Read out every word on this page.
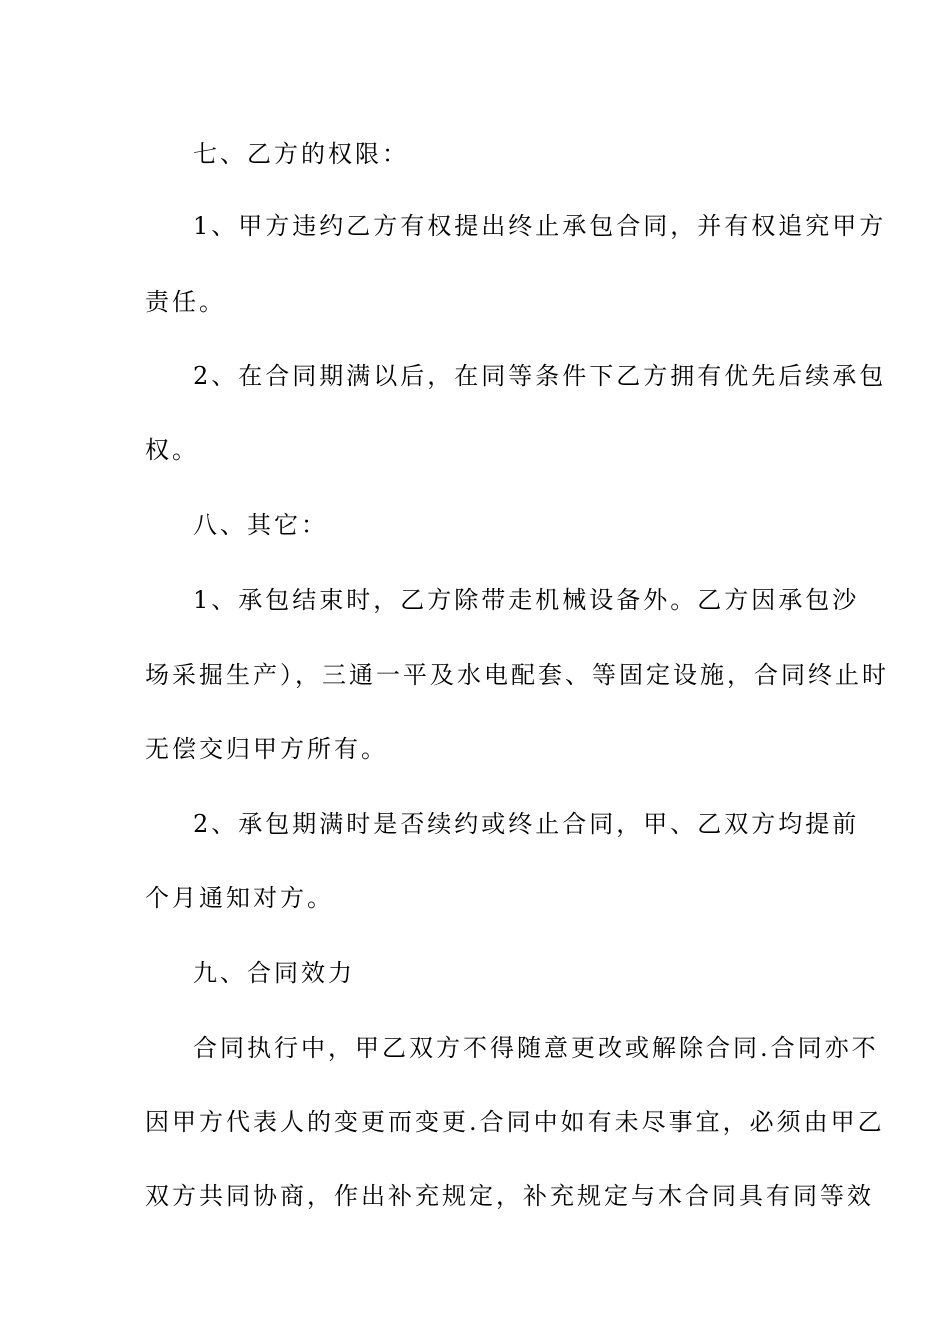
七、乙方的权限：
1、甲方违约乙方有权提出终止承包合同，并有权追究甲方
责任。
2、在合同期满以后，在同等条件下乙方拥有优先后续承包
权。
八、其它：
1、承包结束时，乙方除带走机械设备外。乙方因承包沙
场采掘生产），三通一平及水电配套、等固定设施，合同终止时
无偿交归甲方所有。
2、承包期满时是否续约或终止合同，甲、乙双方均提前
个月通知对方。
九、合同效力
合同执行中，甲乙双方不得随意更改或解除合同.合同亦不
因甲方代表人的变更而变更.合同中如有未尽事宜，必须由甲乙
双方共同协商，作出补充规定，补充规定与木合同具有同等效
